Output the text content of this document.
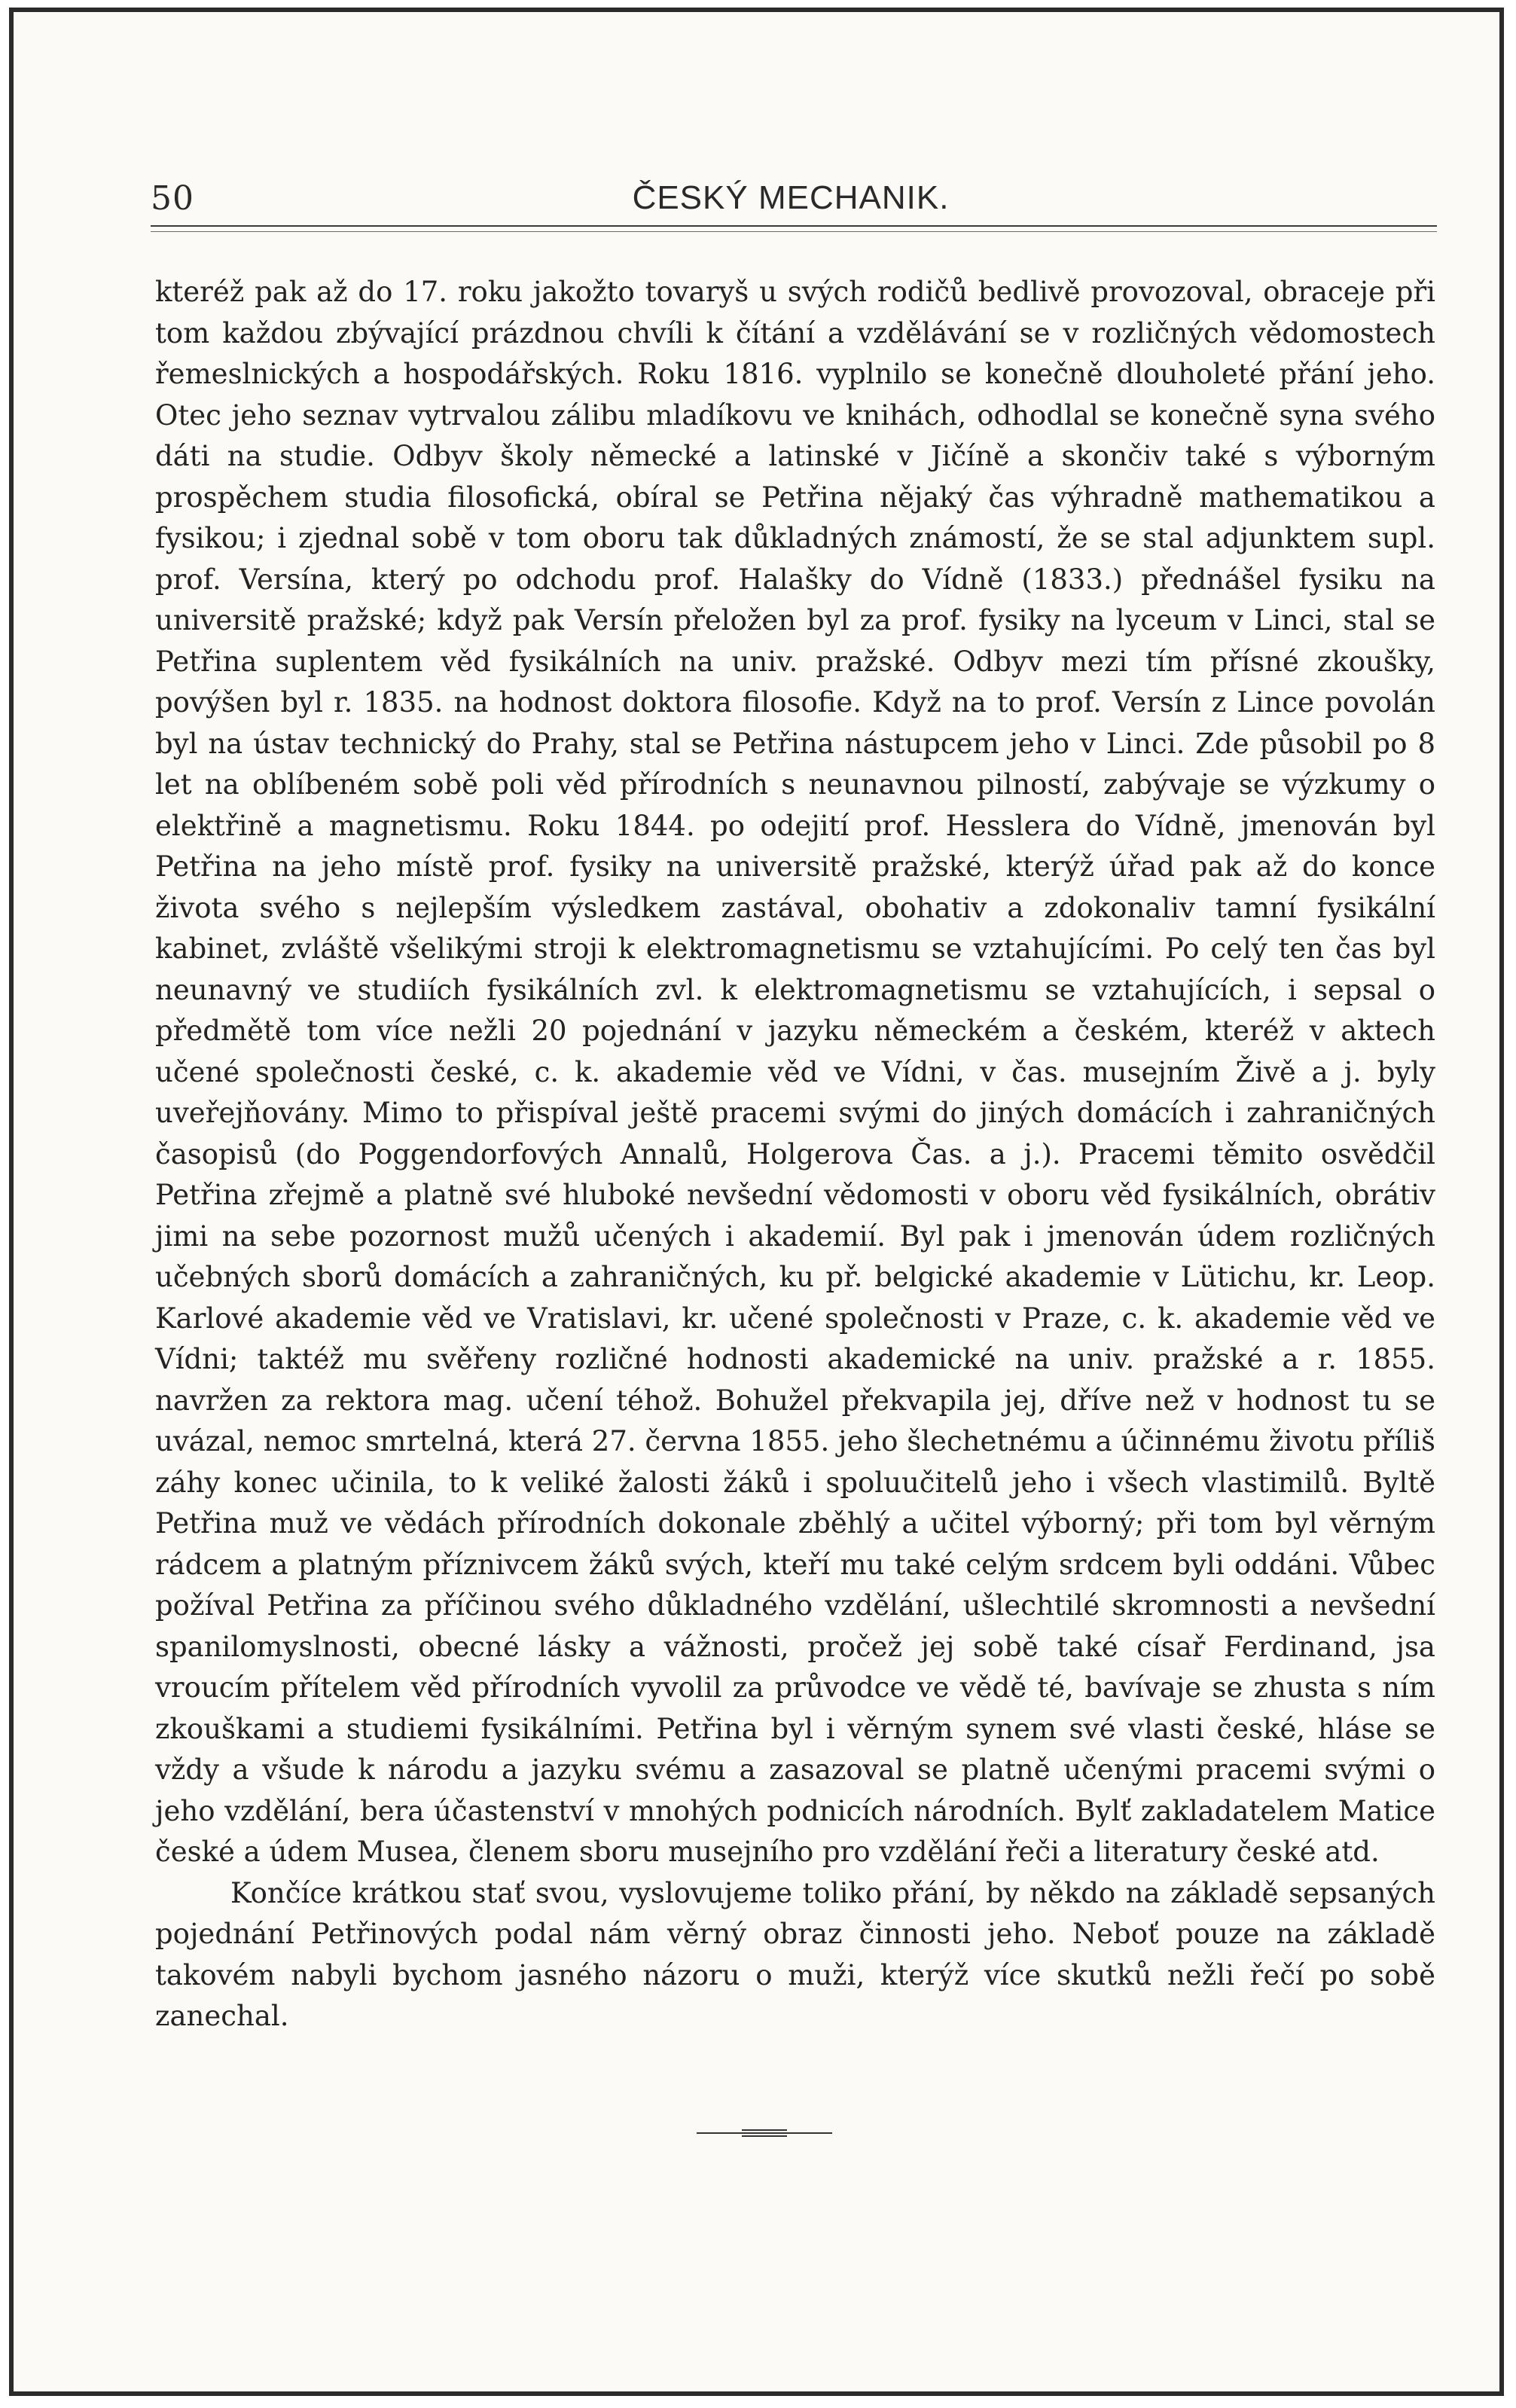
50	ČESKÝ MECHANIK.

kteréž pak až do 17. roku jakožto tovaryš u svých rodičů bedlivě provozoval, obraceje při tom každou zbývající prázdnou chvíli k čítání a vzdělávání se v rozličných vědomostech řemeslnických a hospodářských. Roku 1816. vyplnilo se konečně dlouholeté přání jeho. Otec jeho seznav vytrvalou zálibu mladíkovu ve knihách, odhodlal se konečně syna svého dáti na studie. Odbyv školy německé a latinské v Jičíně a skončiv také s výborným prospěchem studia filosofická, obíral se Petřina nějaký čas výhradně mathematikou a fysikou; i zjednal sobě v tom oboru tak důkladných známostí, že se stal adjunktem supl. prof. Versína, který po odchodu prof. Halašky do Vídně (1833.) přednášel fysiku na universitě pražské; když pak Versín přeložen byl za prof. fysiky na lyceum v Linci, stal se Petřina suplentem věd fysikálních na univ. pražské. Odbyv mezi tím přísné zkoušky, povýšen byl r. 1835. na hodnost doktora filosofie. Když na to prof. Versín z Lince povolán byl na ústav technický do Prahy, stal se Petřina nástupcem jeho v Linci. Zde působil po 8 let na oblíbeném sobě poli věd přírodních s neunavnou pilností, zabývaje se výzkumy o elektřině a magnetismu. Roku 1844. po odejití prof. Hesslera do Vídně, jmenován byl Petřina na jeho místě prof. fysiky na universitě pražské, kterýž úřad pak až do konce života svého s nejlepším výsledkem zastával, obohativ a zdokonaliv tamní fysikální kabinet, zvláště všelikými stroji k elektromagnetismu se vztahujícími. Po celý ten čas byl neunavný ve studiích fysikálních zvl. k elektromagnetismu se vztahujících, i sepsal o předmětě tom více nežli 20 pojednání v jazyku německém a českém, kteréž v aktech učené společnosti české, c. k. akademie věd ve Vídni, v čas. musejním Živě a j. byly uveřejňovány. Mimo to přispíval ještě pracemi svými do jiných domácích i zahraničných časopisů (do Poggendorfových Annalů, Holgerova Čas. a j.). Pracemi těmito osvědčil Petřina zřejmě a platně své hluboké nevšední vědomosti v oboru věd fysikálních, obrátiv jimi na sebe pozornost mužů učených i akademií. Byl pak i jmenován údem rozličných učebných sborů domácích a zahraničných, ku př. belgické akademie v Lütichu, kr. Leop. Karlové akademie věd ve Vratislavi, kr. učené společnosti v Praze, c. k. akademie věd ve Vídni; taktéž mu svěřeny rozličné hodnosti akademické na univ. pražské a r. 1855. navržen za rektora mag. učení téhož. Bohužel překvapila jej, dříve než v hodnost tu se uvázal, nemoc smrtelná, která 27. června 1855. jeho šlechetnému a účinnému životu příliš záhy konec učinila, to k veliké žalosti žáků i spoluučitelů jeho i všech vlastimilů. Byltě Petřina muž ve vědách přírodních dokonale zběhlý a učitel výborný; při tom byl věrným rádcem a platným příznivcem žáků svých, kteří mu také celým srdcem byli oddáni. Vůbec požíval Petřina za příčinou svého důkladného vzdělání, ušlechtilé skromnosti a nevšední spanilomyslnosti, obecné lásky a vážnosti, pročež jej sobě také císař Ferdinand, jsa vroucím přítelem věd přírodních vyvolil za průvodce ve vědě té, bavívaje se zhusta s ním zkouškami a studiemi fysikálními. Petřina byl i věrným synem své vlasti české, hlásе se vždy a všude k národu a jazyku svému a zasazoval se platně učenými pracemi svými o jeho vzdělání, bera účastenství v mnohých podnicích národních. Bylť zakladatelem Matice české a údem Musea, členem sboru musejního pro vzdělání řeči a literatury české atd.

Končíce krátkou stať svou, vyslovujeme toliko přání, by někdo na základě sepsaných pojednání Petřinových podal nám věrný obraz činnosti jeho. Neboť pouze na základě takovém nabyli bychom jasného názoru o muži, kterýž více skutků nežli řečí po sobě zanechal.
